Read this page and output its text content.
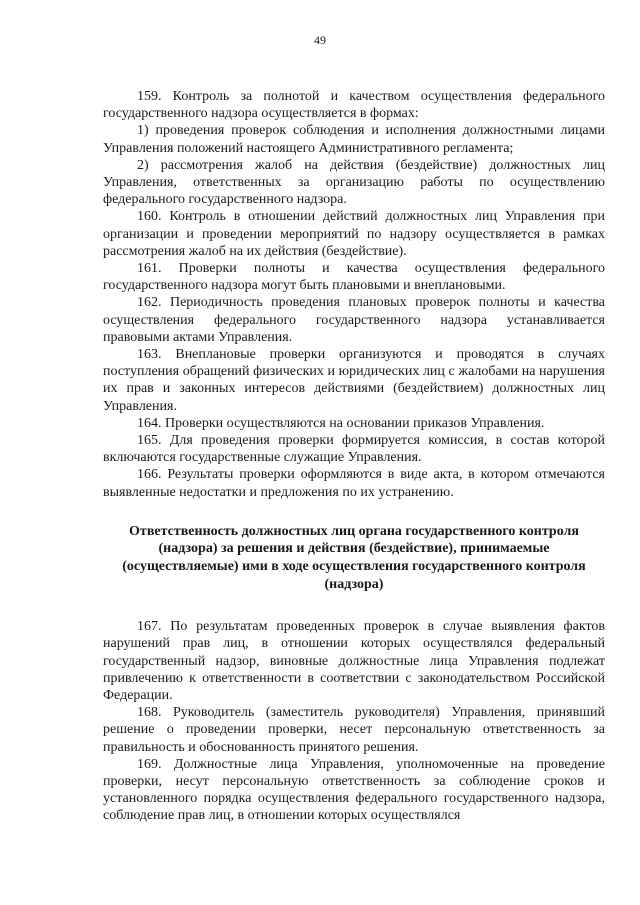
49

159. Контроль за полнотой и качеством осуществления федерального государственного надзора осуществляется в формах:

1) проведения проверок соблюдения и исполнения должностными лицами Управления положений настоящего Административного регламента;

2) рассмотрения жалоб на действия (бездействие) должностных лиц Управления, ответственных за организацию работы по осуществлению федерального государственного надзора.

160. Контроль в отношении действий должностных лиц Управления при организации и проведении мероприятий по надзору осуществляется в рамках рассмотрения жалоб на их действия (бездействие).

161. Проверки полноты и качества осуществления федерального государственного надзора могут быть плановыми и внеплановыми.

162. Периодичность проведения плановых проверок полноты и качества осуществления федерального государственного надзора устанавливается правовыми актами Управления.

163. Внеплановые проверки организуются и проводятся в случаях поступления обращений физических и юридических лиц с жалобами на нарушения их прав и законных интересов действиями (бездействием) должностных лиц Управления.

164. Проверки осуществляются на основании приказов Управления.

165. Для проведения проверки формируется комиссия, в состав которой включаются государственные служащие Управления.

166. Результаты проверки оформляются в виде акта, в котором отмечаются выявленные недостатки и предложения по их устранению.

Ответственность должностных лиц органа государственного контроля (надзора) за решения и действия (бездействие), принимаемые (осуществляемые) ими в ходе осуществления государственного контроля (надзора)

167. По результатам проведенных проверок в случае выявления фактов нарушений прав лиц, в отношении которых осуществлялся федеральный государственный надзор, виновные должностные лица Управления подлежат привлечению к ответственности в соответствии с законодательством Российской Федерации.

168. Руководитель (заместитель руководителя) Управления, принявший решение о проведении проверки, несет персональную ответственность за правильность и обоснованность принятого решения.

169. Должностные лица Управления, уполномоченные на проведение проверки, несут персональную ответственность за соблюдение сроков и установленного порядка осуществления федерального государственного надзора, соблюдение прав лиц, в отношении которых осуществлялся
